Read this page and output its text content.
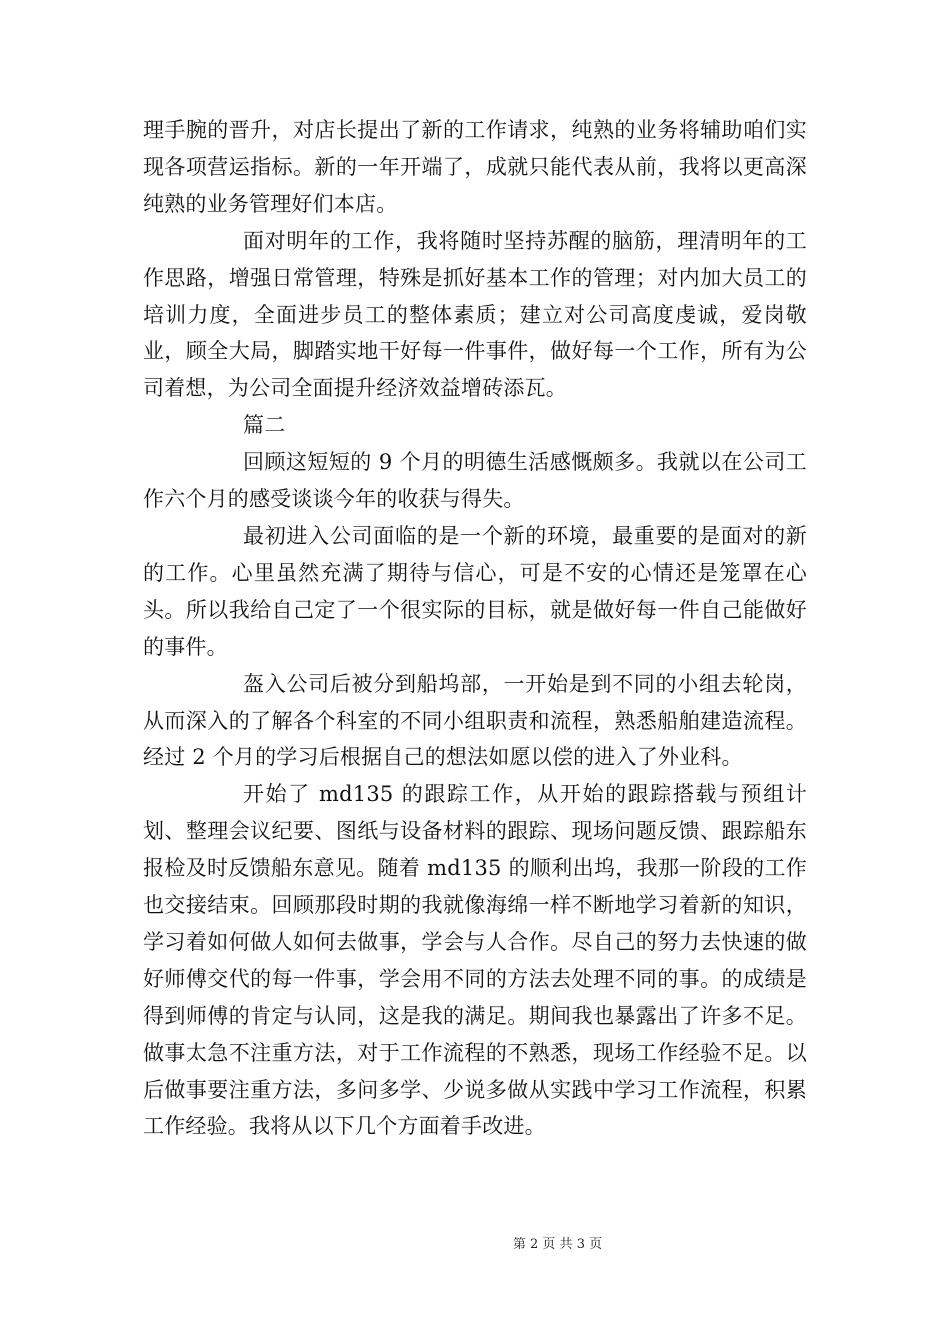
理手腕的晋升，对店长提出了新的工作请求，纯熟的业务将辅助咱们实现各项营运指标。新的一年开端了，成就只能代表从前，我将以更高深纯熟的业务管理好们本店。

面对明年的工作，我将随时坚持苏醒的脑筋，理清明年的工作思路，增强日常管理，特殊是抓好基本工作的管理；对内加大员工的培训力度，全面进步员工的整体素质；建立对公司高度虔诚，爱岗敬业，顾全大局，脚踏实地干好每一件事件，做好每一个工作，所有为公司着想，为公司全面提升经济效益增砖添瓦。

篇二

回顾这短短的 9 个月的明德生活感慨颇多。我就以在公司工作六个月的感受谈谈今年的收获与得失。

最初进入公司面临的是一个新的环境，最重要的是面对的新的工作。心里虽然充满了期待与信心，可是不安的心情还是笼罩在心头。所以我给自己定了一个很实际的目标，就是做好每一件自己能做好的事件。

盔入公司后被分到船坞部，一开始是到不同的小组去轮岗，从而深入的了解各个科室的不同小组职责和流程，熟悉船舶建造流程。经过 2 个月的学习后根据自己的想法如愿以偿的进入了外业科。

开始了 md135 的跟踪工作，从开始的跟踪搭载与预组计划、整理会议纪要、图纸与设备材料的跟踪、现场问题反馈、跟踪船东报检及时反馈船东意见。随着 md135 的顺利出坞，我那一阶段的工作也交接结束。回顾那段时期的我就像海绵一样不断地学习着新的知识，学习着如何做人如何去做事，学会与人合作。尽自己的努力去快速的做好师傅交代的每一件事，学会用不同的方法去处理不同的事。的成绩是得到师傅的肯定与认同，这是我的满足。期间我也暴露出了许多不足。做事太急不注重方法，对于工作流程的不熟悉，现场工作经验不足。以后做事要注重方法，多问多学、少说多做从实践中学习工作流程，积累工作经验。我将从以下几个方面着手改进。

第 2 页 共 3 页
